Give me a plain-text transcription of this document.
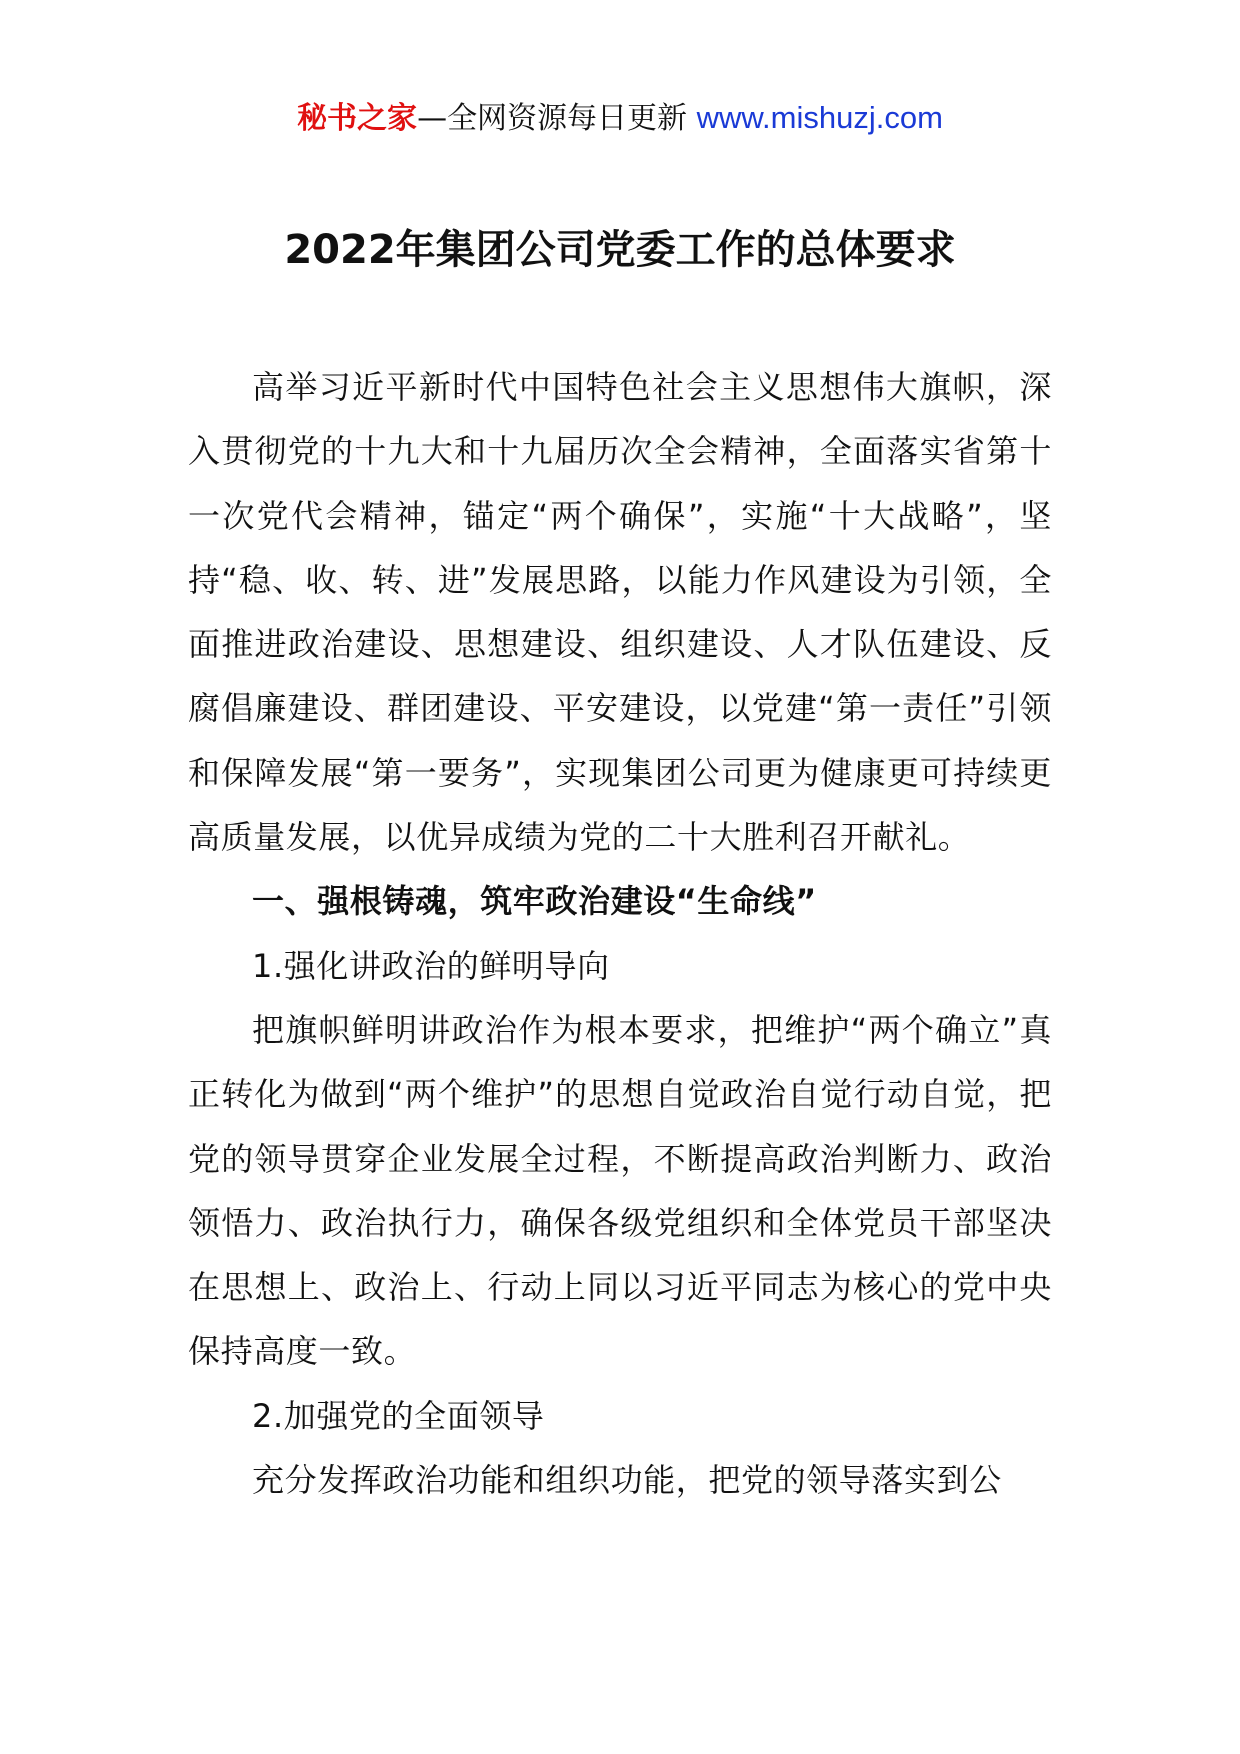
秘书之家—全网资源每日更新 www.mishuzj.com
2022年集团公司党委工作的总体要求

高举习近平新时代中国特色社会主义思想伟大旗帜，深入贯彻党的十九大和十九届历次全会精神，全面落实省第十一次党代会精神，锚定“两个确保”，实施“十大战略”，坚持“稳、收、转、进”发展思路，以能力作风建设为引领，全面推进政治建设、思想建设、组织建设、人才队伍建设、反腐倡廉建设、群团建设、平安建设，以党建“第一责任”引领和保障发展“第一要务”，实现集团公司更为健康更可持续更高质量发展，以优异成绩为党的二十大胜利召开献礼。

一、强根铸魂，筑牢政治建设“生命线”

1.强化讲政治的鲜明导向

把旗帜鲜明讲政治作为根本要求，把维护“两个确立”真正转化为做到“两个维护”的思想自觉政治自觉行动自觉，把党的领导贯穿企业发展全过程，不断提高政治判断力、政治领悟力、政治执行力，确保各级党组织和全体党员干部坚决在思想上、政治上、行动上同以习近平同志为核心的党中央保持高度一致。

2.加强党的全面领导

充分发挥政治功能和组织功能，把党的领导落实到公
